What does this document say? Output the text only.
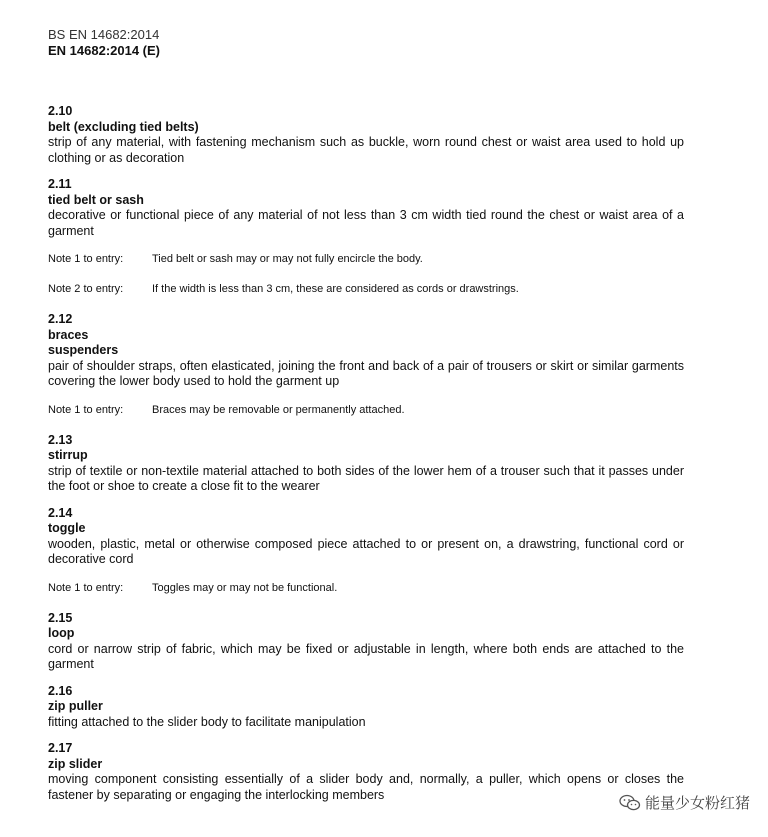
BS EN 14682:2014
EN 14682:2014 (E)
2.10
belt (excluding tied belts)
strip of any material, with fastening mechanism such as buckle, worn round chest or waist area used to hold up clothing or as decoration
2.11
tied belt or sash
decorative or functional piece of any material of not less than 3 cm width tied round the chest or waist area of a garment
Note 1 to entry:	Tied belt or sash may or may not fully encircle the body.
Note 2 to entry:	If the width is less than 3 cm, these are considered as cords or drawstrings.
2.12
braces
suspenders
pair of shoulder straps, often elasticated, joining the front and back of a pair of trousers or skirt or similar garments covering the lower body used to hold the garment up
Note 1 to entry:	Braces may be removable or permanently attached.
2.13
stirrup
strip of textile or non-textile material attached to both sides of the lower hem of a trouser such that it passes under the foot or shoe to create a close fit to the wearer
2.14
toggle
wooden, plastic, metal or otherwise composed piece attached to or present on, a drawstring, functional cord or decorative cord
Note 1 to entry:	Toggles may or may not be functional.
2.15
loop
cord or narrow strip of fabric, which may be fixed or adjustable in length, where both ends are attached to the garment
2.16
zip puller
fitting attached to the slider body to facilitate manipulation
2.17
zip slider
moving component consisting essentially of a slider body and, normally, a puller, which opens or closes the fastener by separating or engaging the interlocking members	能量少女粉红猪
